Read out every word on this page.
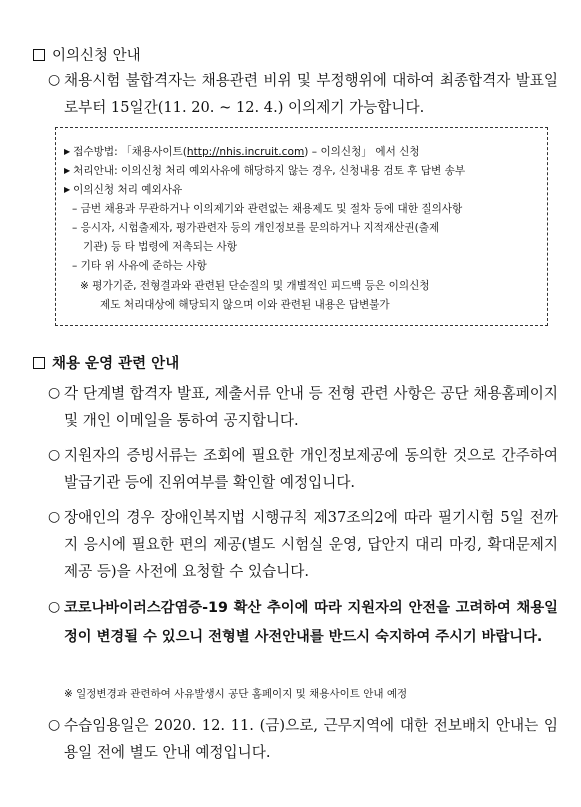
이의신청 안내
○ 채용시험 불합격자는 채용관련 비위 및 부정행위에 대하여 최종합격자 발표일로부터 15일간(11. 20. ~ 12. 4.) 이의제기 가능합니다.
▶ 접수방법: 「채용사이트(http://nhis.incruit.com) – 이의신청」 에서 신청
▶ 처리안내: 이의신청 처리 예외사유에 해당하지 않는 경우, 신청내용 검토 후 답변 송부
▶ 이의신청 처리 예외사유
– 금번 채용과 무관하거나 이의제기와 관련없는 채용제도 및 절차 등에 대한 질의사항
– 응시자, 시험출제자, 평가관련자 등의 개인정보를 문의하거나 지적재산권(출제
기관) 등 타 법령에 저촉되는 사항
– 기타 위 사유에 준하는 사항
※ 평가기준, 전형결과와 관련된 단순질의 및 개별적인 피드백 등은 이의신청
제도 처리대상에 해당되지 않으며 이와 관련된 내용은 답변불가
채용 운영 관련 안내
○ 각 단계별 합격자 발표, 제출서류 안내 등 전형 관련 사항은 공단 채용홈페이지 및 개인 이메일을 통하여 공지합니다.
○ 지원자의 증빙서류는 조회에 필요한 개인정보제공에 동의한 것으로 간주하여 발급기관 등에 진위여부를 확인할 예정입니다.
○ 장애인의 경우 장애인복지법 시행규칙 제37조의2에 따라 필기시험 5일 전까지 응시에 필요한 편의 제공(별도 시험실 운영, 답안지 대리 마킹, 확대문제지 제공 등)을 사전에 요청할 수 있습니다.
○ 코로나바이러스감염증-19 확산 추이에 따라 지원자의 안전을 고려하여 채용일정이 변경될 수 있으니 전형별 사전안내를 반드시 숙지하여 주시기 바랍니다.
※ 일정변경과 관련하여 사유발생시 공단 홈페이지 및 채용사이트 안내 예정
○ 수습임용일은 2020. 12. 11. (금)으로, 근무지역에 대한 전보배치 안내는 임용일 전에 별도 안내 예정입니다.
